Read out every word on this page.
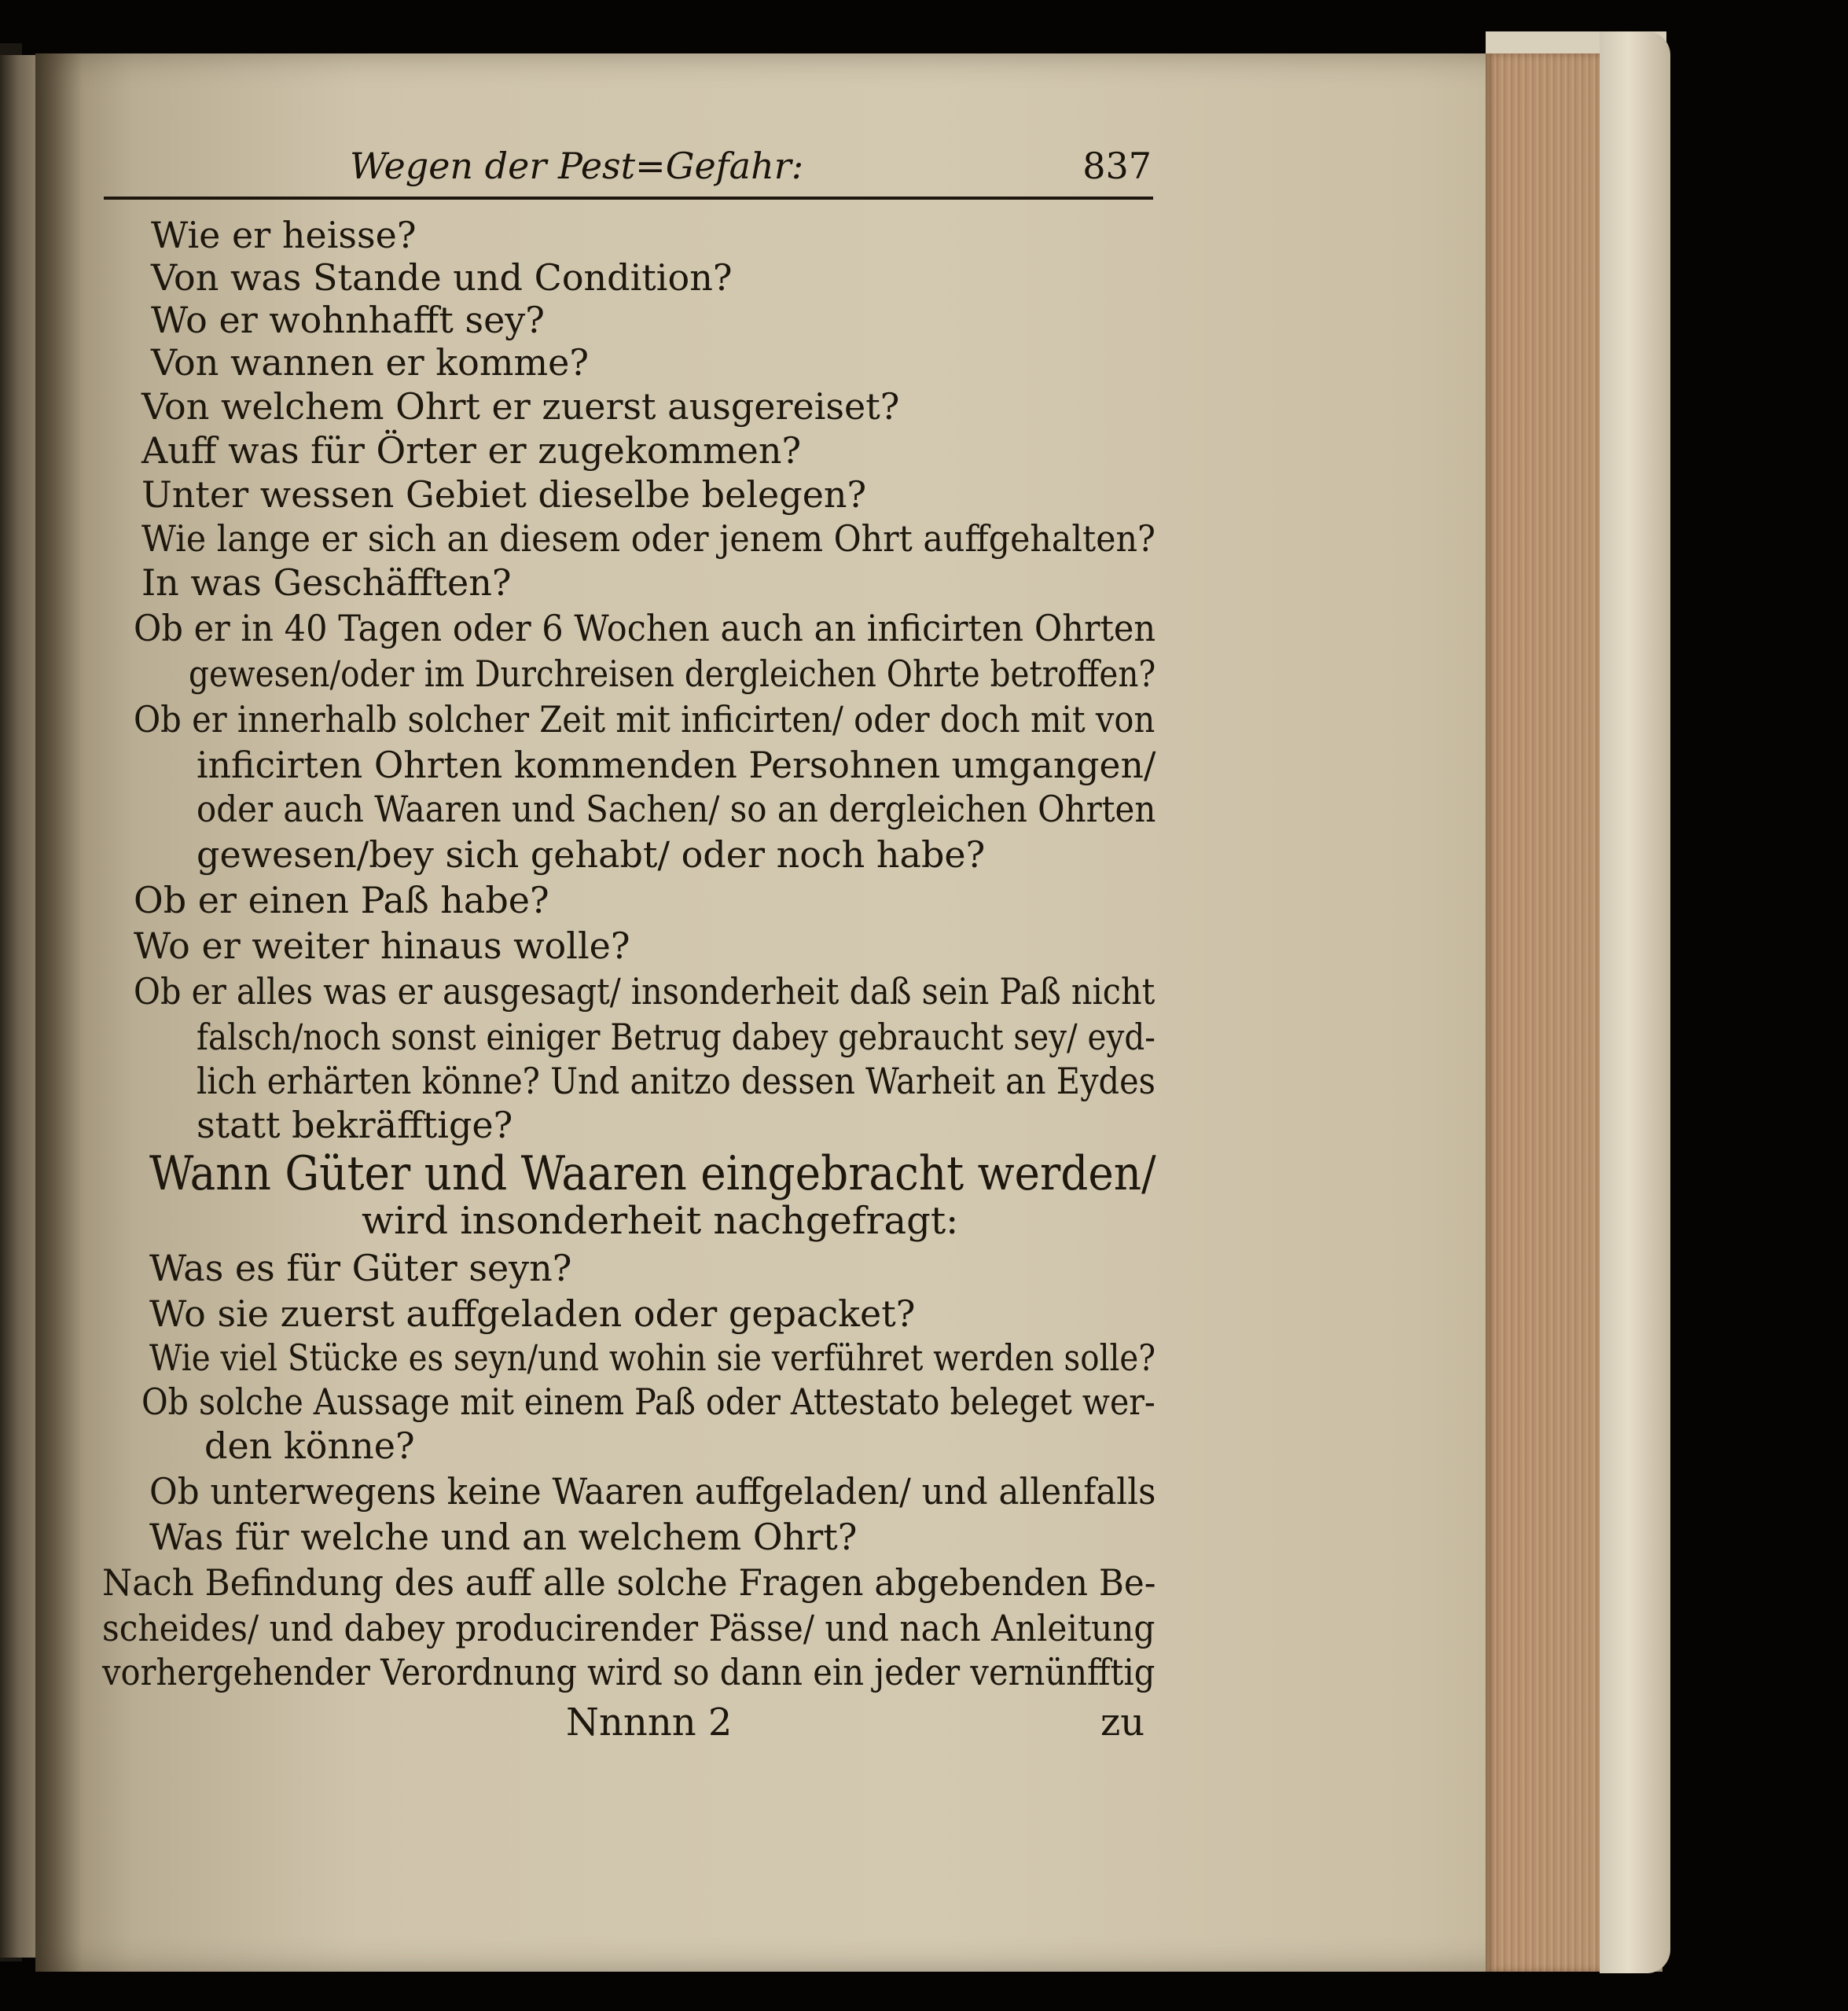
Wegen der Pest=Gefahr:	837
Wie er heisse?
Von was Stande und Condition?
Wo er wohnhafft sey?
Von wannen er komme?
Von welchem Ohrt er zuerst ausgereiset?
Auff was für Örter er zugekommen?
Unter wessen Gebiet dieselbe belegen?
Wie lange er sich an diesem oder jenem Ohrt auffgehalten?
In was Geschäfften?
Ob er in 40 Tagen oder 6 Wochen auch an inficirten Ohrten
gewesen/oder im Durchreisen dergleichen Ohrte betroffen?
Ob er innerhalb solcher Zeit mit inficirten/ oder doch mit von
inficirten Ohrten kommenden Persohnen umgangen/
oder auch Waaren und Sachen/ so an dergleichen Ohrten
gewesen/bey sich gehabt/ oder noch habe?
Ob er einen Paß habe?
Wo er weiter hinaus wolle?
Ob er alles was er ausgesagt/ insonderheit daß sein Paß nicht
falsch/noch sonst einiger Betrug dabey gebraucht sey/ eyd-
lich erhärten könne? Und anitzo dessen Warheit an Eydes
statt bekräfftige?
Wann Güter und Waaren eingebracht werden/
wird insonderheit nachgefragt:
Was es für Güter seyn?
Wo sie zuerst auffgeladen oder gepacket?
Wie viel Stücke es seyn/und wohin sie verführet werden solle?
Ob solche Aussage mit einem Paß oder Attestato beleget wer-
den könne?
Ob unterwegens keine Waaren auffgeladen/ und allenfalls
Was für welche und an welchem Ohrt?
Nach Befindung des auff alle solche Fragen abgebenden Be-
scheides/ und dabey producirender Pässe/ und nach Anleitung
vorhergehender Verordnung wird so dann ein jeder vernünfftig
Nnnnn 2	zu
